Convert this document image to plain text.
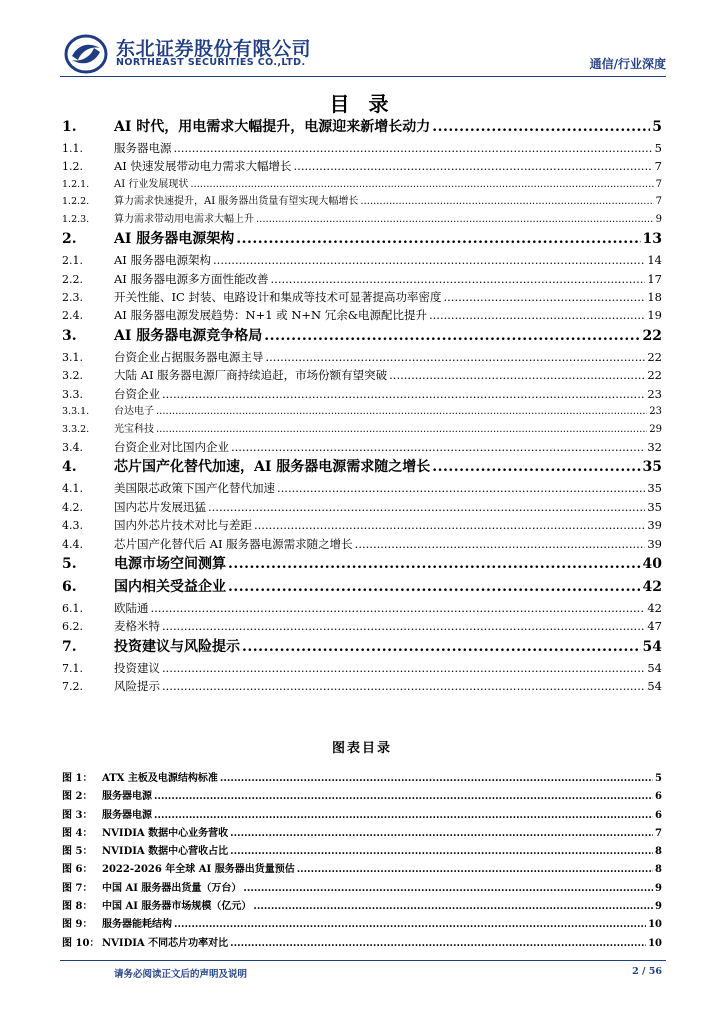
东北证券股份有限公司
NORTHEAST SECURITIES CO.,LTD.	通信/行业深度
目 录
1.	AI 时代，用电需求大幅提升，电源迎来新增长动力 .....	5
1.1.	服务器电源 .....	5
1.2.	AI 快速发展带动电力需求大幅增长 .....	7
1.2.1.	AI 行业发展现状 .....	7
1.2.2.	算力需求快速提升，AI 服务器出货量有望实现大幅增长 .....	7
1.2.3.	算力需求带动用电需求大幅上升 .....	9
2.	AI 服务器电源架构 .....	13
2.1.	AI 服务器电源架构 .....	14
2.2.	AI 服务器电源多方面性能改善 .....	17
2.3.	开关性能、IC 封装、电路设计和集成等技术可显著提高功率密度 .....	18
2.4.	AI 服务器电源发展趋势：N+1 或 N+N 冗余&电源配比提升 .....	19
3.	AI 服务器电源竞争格局 .....	22
3.1.	台资企业占据服务器电源主导 .....	22
3.2.	大陆 AI 服务器电源厂商持续追赶，市场份额有望突破 .....	22
3.3.	台资企业 .....	23
3.3.1.	台达电子 .....	23
3.3.2.	光宝科技 .....	29
3.4.	台资企业对比国内企业 .....	32
4.	芯片国产化替代加速，AI 服务器电源需求随之增长 .....	35
4.1.	美国限芯政策下国产化替代加速 .....	35
4.2.	国内芯片发展迅猛 .....	35
4.3.	国内外芯片技术对比与差距 .....	39
4.4.	芯片国产化替代后 AI 服务器电源需求随之增长 .....	39
5.	电源市场空间测算 .....	40
6.	国内相关受益企业 .....	42
6.1.	欧陆通 .....	42
6.2.	麦格米特 .....	47
7.	投资建议与风险提示 .....	54
7.1.	投资建议 .....	54
7.2.	风险提示 .....	54
图表目录
图 1： ATX 主板及电源结构标准 .....	5
图 2： 服务器电源 .....	6
图 3： 服务器电源 .....	6
图 4： NVIDIA 数据中心业务营收 .....	7
图 5： NVIDIA 数据中心营收占比 .....	8
图 6： 2022-2026 年全球 AI 服务器出货量预估 .....	8
图 7： 中国 AI 服务器出货量（万台） .....	9
图 8： 中国 AI 服务器市场规模（亿元） .....	9
图 9： 服务器能耗结构 .....	10
图 10： NVIDIA 不同芯片功率对比 .....	10
请务必阅读正文后的声明及说明	2 / 56
